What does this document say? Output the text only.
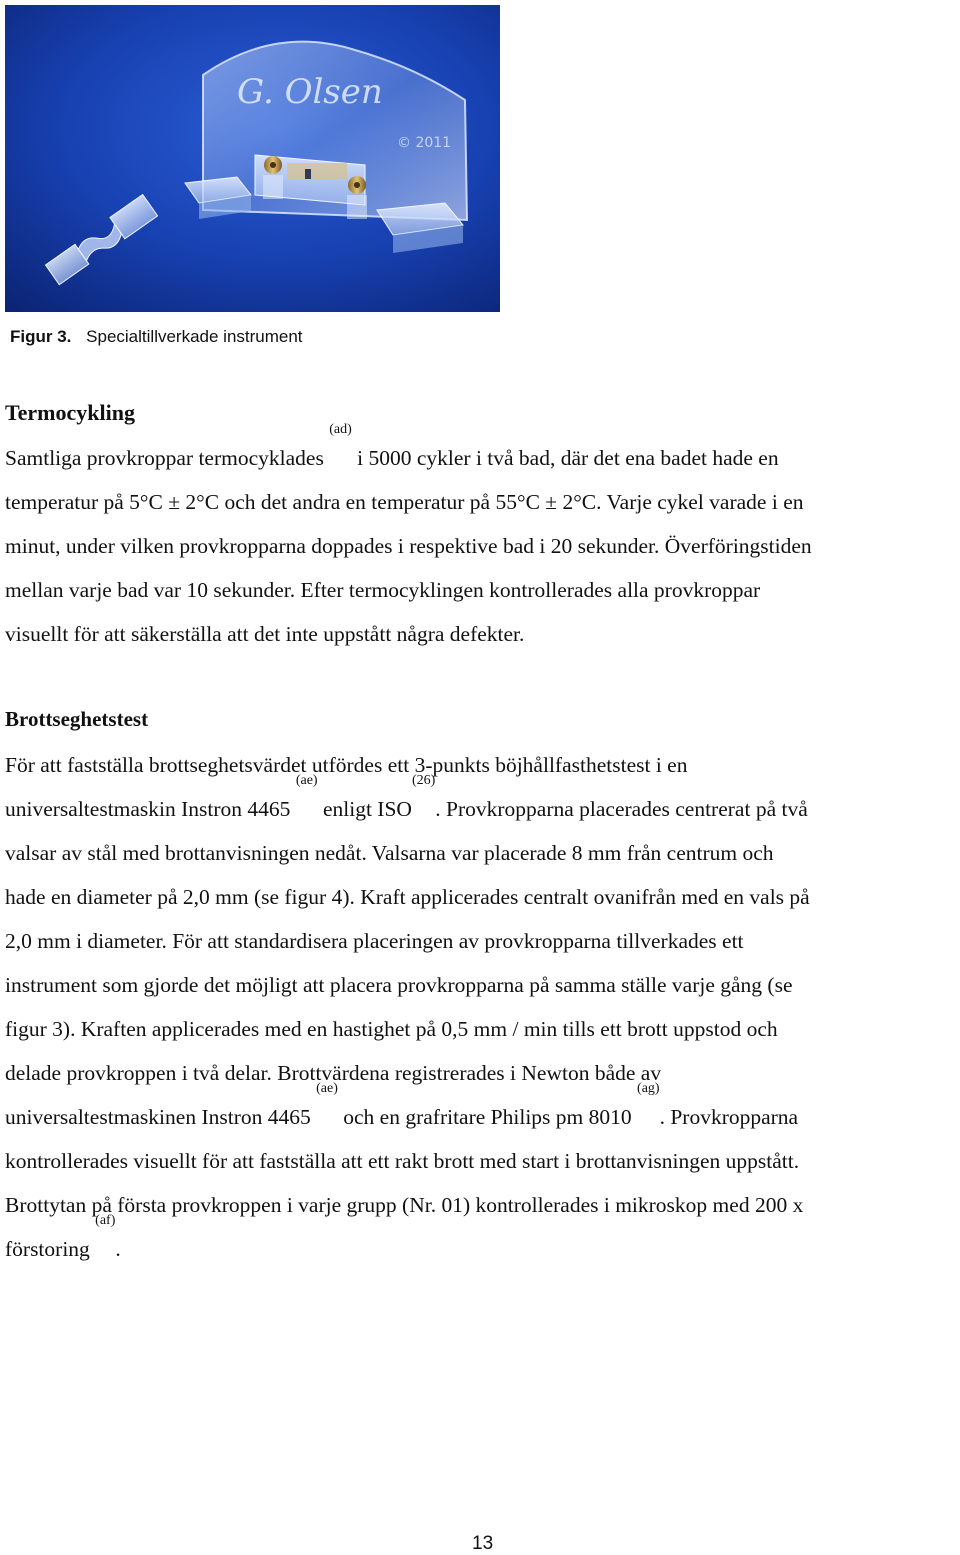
G. Olsen
© 2011
Figur 3. Specialtillverkade instrument
Termocykling
Samtliga provkroppar termocyklades $^{(ad)}$ i 5000 cykler i två bad, där det ena badet hade en
temperatur på 5°C ± 2°C och det andra en temperatur på 55°C ± 2°C. Varje cykel varade i en
minut, under vilken provkropparna doppades i respektive bad i 20 sekunder. Överföringstiden
mellan varje bad var 10 sekunder. Efter termocyklingen kontrollerades alla provkroppar
visuellt för att säkerställa att det inte uppstått några defekter.
Brottseghetstest
För att fastställa brottseghetsvärdet utfördes ett 3-punkts böjhållfasthetstest i en
universaltestmaskin Instron 4465 $^{(ae)}$ enligt ISO$^{(26)}$. Provkropparna placerades centrerat på två
valsar av stål med brottanvisningen nedåt. Valsarna var placerade 8 mm från centrum och
hade en diameter på 2,0 mm (se figur 4). Kraft applicerades centralt ovanifrån med en vals på
2,0 mm i diameter. För att standardisera placeringen av provkropparna tillverkades ett
instrument som gjorde det möjligt att placera provkropparna på samma ställe varje gång (se
figur 3). Kraften applicerades med en hastighet på 0,5 mm / min tills ett brott uppstod och
delade provkroppen i två delar. Brottvärdena registrerades i Newton både av
universaltestmaskinen Instron 4465 $^{(ae)}$ och en grafritare Philips pm 8010 $^{(ag)}$. Provkropparna
kontrollerades visuellt för att fastställa att ett rakt brott med start i brottanvisningen uppstått.
Brottytan på första provkroppen i varje grupp (Nr. 01) kontrollerades i mikroskop med 200 x
förstoring $^{(af)}$.
13
